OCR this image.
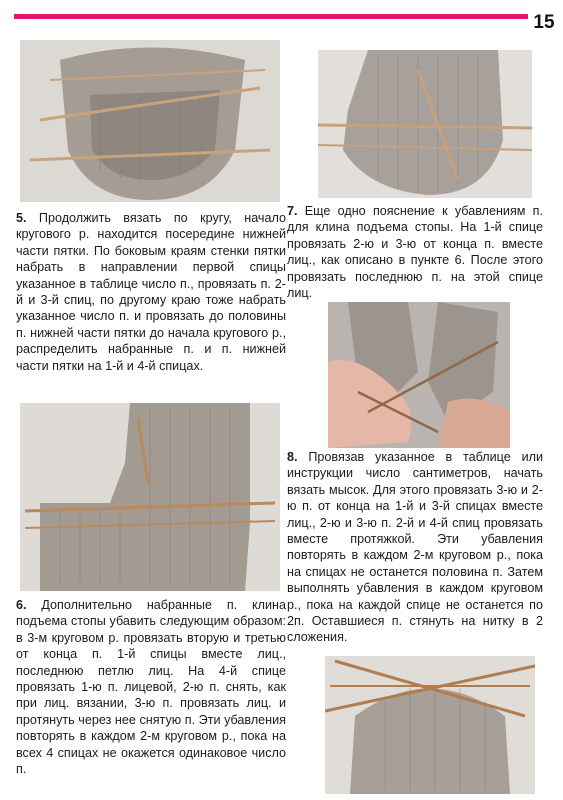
15

5. Продолжить вязать по кругу, начало кругового р. находится посередине нижней части пятки. По боковым краям стенки пятки набрать в направлении первой спицы указанное в таблице число п., провязать п. 2-й и 3-й спиц, по другому краю тоже набрать указанное число п. и провязать до половины п. нижней части пятки до начала кругового р., распределить набранные п. и п. нижней части пятки на 1-й и 4-й спицах.

6. Дополнительно набранные п. клина подъема стопы убавить следующим образом: в 3-м круговом р. провязать вторую и третью от конца п. 1-й спицы вместе лиц., последнюю петлю лиц. На 4-й спице провязать 1-ю п. лицевой, 2-ю п. снять, как при лиц. вязании, 3-ю п. провязать лиц. и протянуть через нее снятую п. Эти убавления повторять в каждом 2-м круговом р., пока на всех 4 спицах не окажется одинаковое число п.

7. Еще одно пояснение к убавлениям п. для клина подъема стопы. На 1-й спице провязать 2-ю и 3-ю от конца п. вместе лиц., как описано в пункте 6. После этого провязать последнюю п. на этой спице лиц.

8. Провязав указанное в таблице или инструкции число сантиметров, начать вязать мысок. Для этого провязать 3-ю и 2-ю п. от конца на 1-й и 3-й спицах вместе лиц., 2-ю и 3-ю п. 2-й и 4-й спиц провязать вместе протяжкой. Эти убавления повторять в каждом 2-м круговом р., пока на спицах не останется половина п. Затем выполнять убавления в каждом круговом р., пока на каждой спице не останется по 2п. Оставшиеся п. стянуть на нитку в 2 сложения.
